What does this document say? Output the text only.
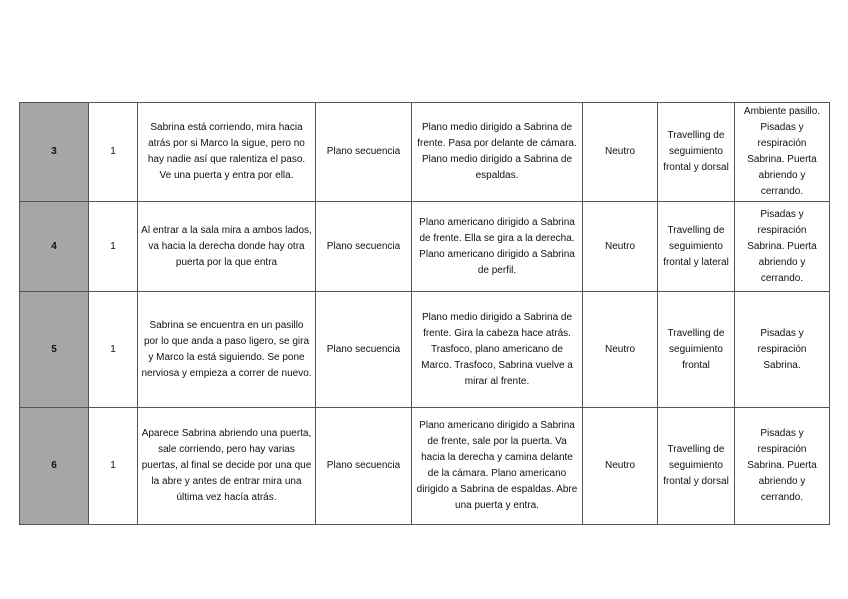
3	1	Sabrina está corriendo, mira hacia atrás por si Marco la sigue, pero no hay nadie así que ralentiza el paso. Ve una puerta y entra por ella.	Plano secuencia	Plano medio dirigido a Sabrina de frente. Pasa por delante de cámara. Plano medio dirigido a Sabrina de espaldas.	Neutro	Travelling de seguimiento frontal y dorsal	Ambiente pasillo. Pisadas y respiración Sabrina. Puerta abriendo y cerrando.
4	1	Al entrar a la sala mira a ambos lados, va hacia la derecha donde hay otra puerta por la que entra	Plano secuencia	Plano americano dirigido a Sabrina de frente. Ella se gira a la derecha. Plano americano dirigido a Sabrina de perfil.	Neutro	Travelling de seguimiento frontal y lateral	Pisadas y respiración Sabrina. Puerta abriendo y cerrando.
5	1	Sabrina se encuentra en un pasillo por lo que anda a paso ligero, se gira y Marco la está siguiendo. Se pone nerviosa y empieza a correr de nuevo.	Plano secuencia	Plano medio dirigido a Sabrina de frente. Gira la cabeza hace atrás. Trasfoco, plano americano de Marco. Trasfoco, Sabrina vuelve a mirar al frente.	Neutro	Travelling de seguimiento frontal	Pisadas y respiración Sabrina.
6	1	Aparece Sabrina abriendo una puerta, sale corriendo, pero hay varias puertas, al final se decide por una que la abre y antes de entrar mira una última vez hacía atrás.	Plano secuencia	Plano americano dirigido a Sabrina de frente, sale por la puerta. Va hacia la derecha y camina delante de la cámara. Plano americano dirigido a Sabrina de espaldas. Abre una puerta y entra.	Neutro	Travelling de seguimiento frontal y dorsal	Pisadas y respiración Sabrina. Puerta abriendo y cerrando.
